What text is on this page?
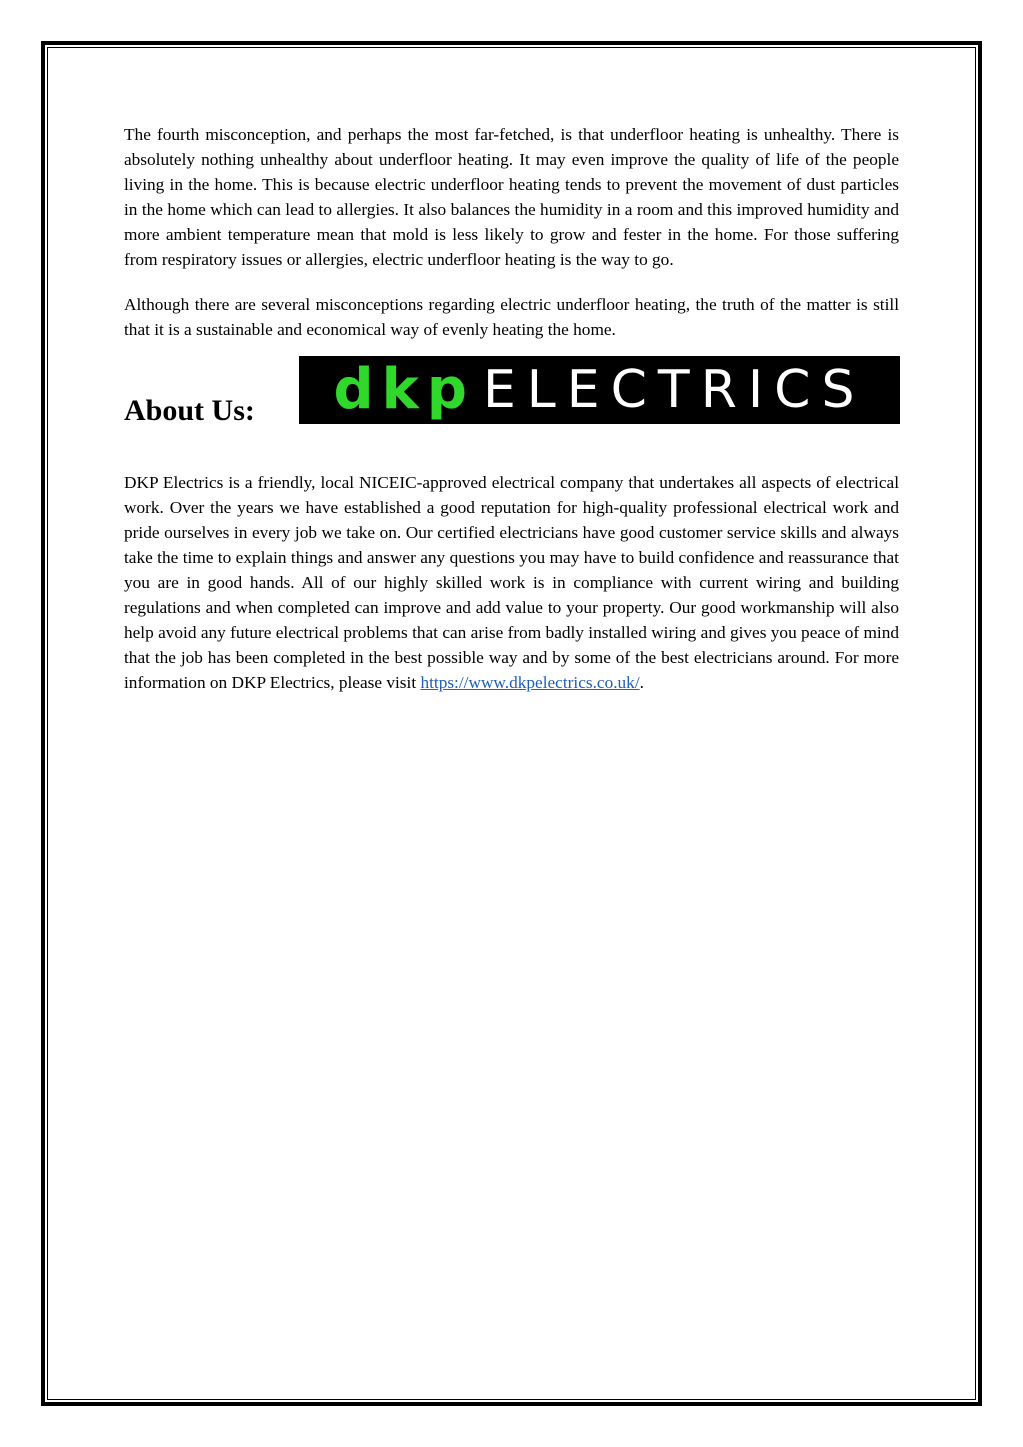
The fourth misconception, and perhaps the most far-fetched, is that underfloor heating is unhealthy. There is absolutely nothing unhealthy about underfloor heating. It may even improve the quality of life of the people living in the home. This is because electric underfloor heating tends to prevent the movement of dust particles in the home which can lead to allergies. It also balances the humidity in a room and this improved humidity and more ambient temperature mean that mold is less likely to grow and fester in the home. For those suffering from respiratory issues or allergies, electric underfloor heating is the way to go.

Although there are several misconceptions regarding electric underfloor heating, the truth of the matter is still that it is a sustainable and economical way of evenly heating the home.

About Us: dkp ELECTRICS

DKP Electrics is a friendly, local NICEIC-approved electrical company that undertakes all aspects of electrical work. Over the years we have established a good reputation for high-quality professional electrical work and pride ourselves in every job we take on. Our certified electricians have good customer service skills and always take the time to explain things and answer any questions you may have to build confidence and reassurance that you are in good hands. All of our highly skilled work is in compliance with current wiring and building regulations and when completed can improve and add value to your property. Our good workmanship will also help avoid any future electrical problems that can arise from badly installed wiring and gives you peace of mind that the job has been completed in the best possible way and by some of the best electricians around. For more information on DKP Electrics, please visit https://www.dkpelectrics.co.uk/.
